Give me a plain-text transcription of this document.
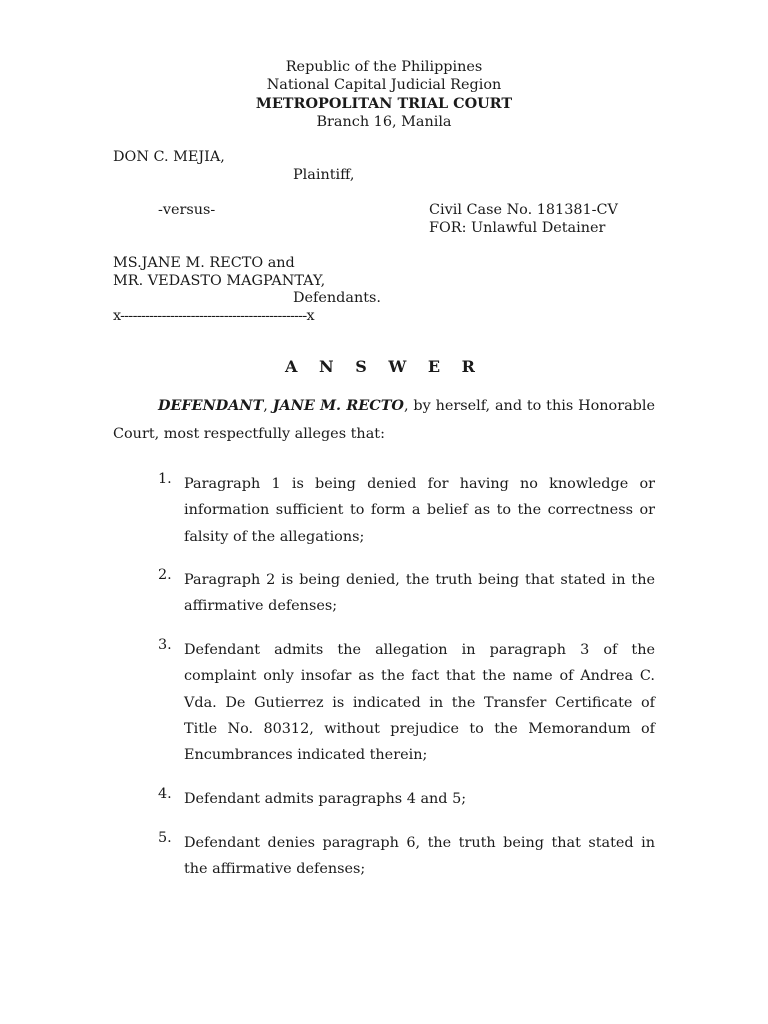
Republic of the Philippines
National Capital Judicial Region
METROPOLITAN TRIAL COURT
Branch 16, Manila
DON C. MEJIA,
Plaintiff,
-versus-	Civil Case No. 181381-CV
FOR: Unlawful Detainer
MS.JANE M. RECTO and
MR. VEDASTO MAGPANTAY,
Defendants.
x---------------------------------------------x
A N S W E R
DEFENDANT, JANE M. RECTO, by herself, and to this Honorable Court, most respectfully alleges that:
1. Paragraph 1 is being denied for having no knowledge or information sufficient to form a belief as to the correctness or falsity of the allegations;
2. Paragraph 2 is being denied, the truth being that stated in the affirmative defenses;
3. Defendant admits the allegation in paragraph 3 of the complaint only insofar as the fact that the name of Andrea C. Vda. De Gutierrez is indicated in the Transfer Certificate of Title No. 80312, without prejudice to the Memorandum of Encumbrances indicated therein;
4. Defendant admits paragraphs 4 and 5;
5. Defendant denies paragraph 6, the truth being that stated in the affirmative defenses;
